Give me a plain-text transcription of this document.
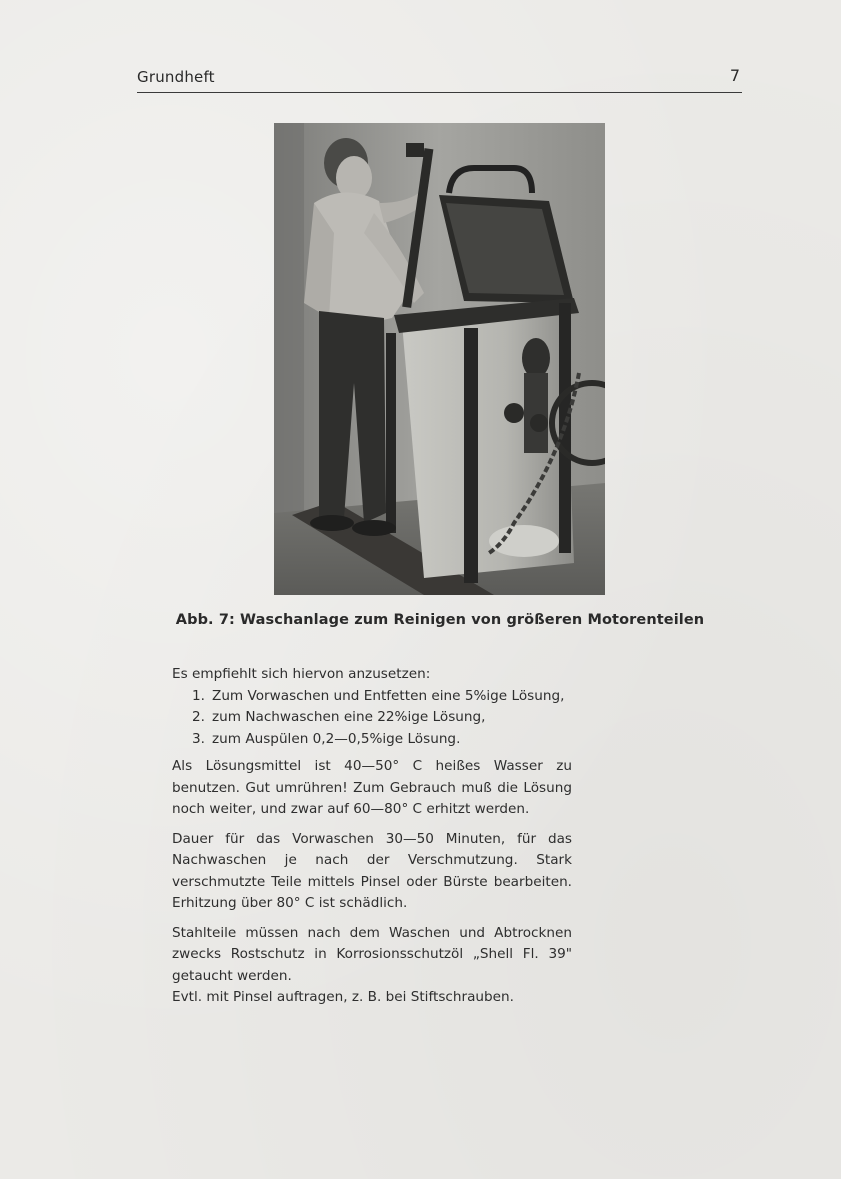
Grundheft	7
Abb. 7: Waschanlage zum Reinigen von größeren Motorenteilen

Es empfiehlt sich hiervon anzusetzen:

1. Zum Vorwaschen und Entfetten eine 5%ige Lösung,
2. zum Nachwaschen eine 22%ige Lösung,
3. zum Auspülen 0,2—0,5%ige Lösung.

Als Lösungsmittel ist 40—50° C heißes Wasser zu benutzen. Gut umrühren! Zum Gebrauch muß die Lösung noch weiter, und zwar auf 60—80° C erhitzt werden.

Dauer für das Vorwaschen 30—50 Minuten, für das Nachwaschen je nach der Verschmutzung. Stark verschmutzte Teile mittels Pinsel oder Bürste bearbeiten. Erhitzung über 80° C ist schädlich.

Stahlteile müssen nach dem Waschen und Abtrocknen zwecks Rostschutz in Korrosionsschutzöl „Shell Fl. 39" getaucht werden.

Evtl. mit Pinsel auftragen, z. B. bei Stiftschrauben.
